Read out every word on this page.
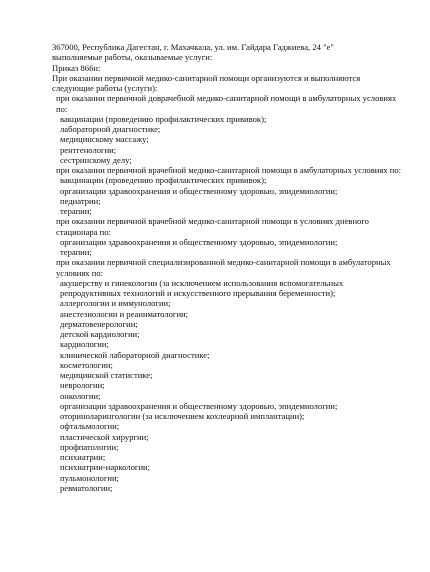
367000, Республика Дагестан, г. Махачкала, ул. им. Гайдара Гаджиева, 24 "е"
выполняемые работы, оказываемые услуги:
Приказ 866н:
При оказании первичной медико-санитарной помощи организуются и выполняются следующие работы (услуги):
при оказании первичной доврачебной медико-санитарной помощи в амбулаторных условиях по:
вакцинации (проведению профилактических прививок);
лабораторной диагностике;
медицинскому массажу;
рентгенологии;
сестринскому делу;
при оказании первичной врачебной медико-санитарной помощи в амбулаторных условиях по:
вакцинации (проведению профилактических прививок);
организации здравоохранения и общественному здоровью, эпидемиологии;
педиатрии;
терапии;
при оказании первичной врачебной медико-санитарной помощи в условиях дневного стационара по:
организации здравоохранения и общественному здоровью, эпидемиологии;
терапии;
при оказании первичной специализированной медико-санитарной помощи в амбулаторных условиях по:
акушерству и гинекологии (за исключением использования вспомогательных репродуктивных технологий и искусственного прерывания беременности);
аллергологии и иммунологии;
анестезиологии и реаниматологии;
дерматовенерологии;
детской кардиологии;
кардиологии;
клинической лабораторной диагностике;
косметологии;
медицинской статистике;
неврологии;
онкологии;
организации здравоохранения и общественному здоровью, эпидемиологии;
оториноларингологии (за исключением кохлеарной имплантации);
офтальмологии;
пластической хирургии;
профпатологии;
психиатрии;
психиатрии-наркологии;
пульмонологии;
ревматологии;
